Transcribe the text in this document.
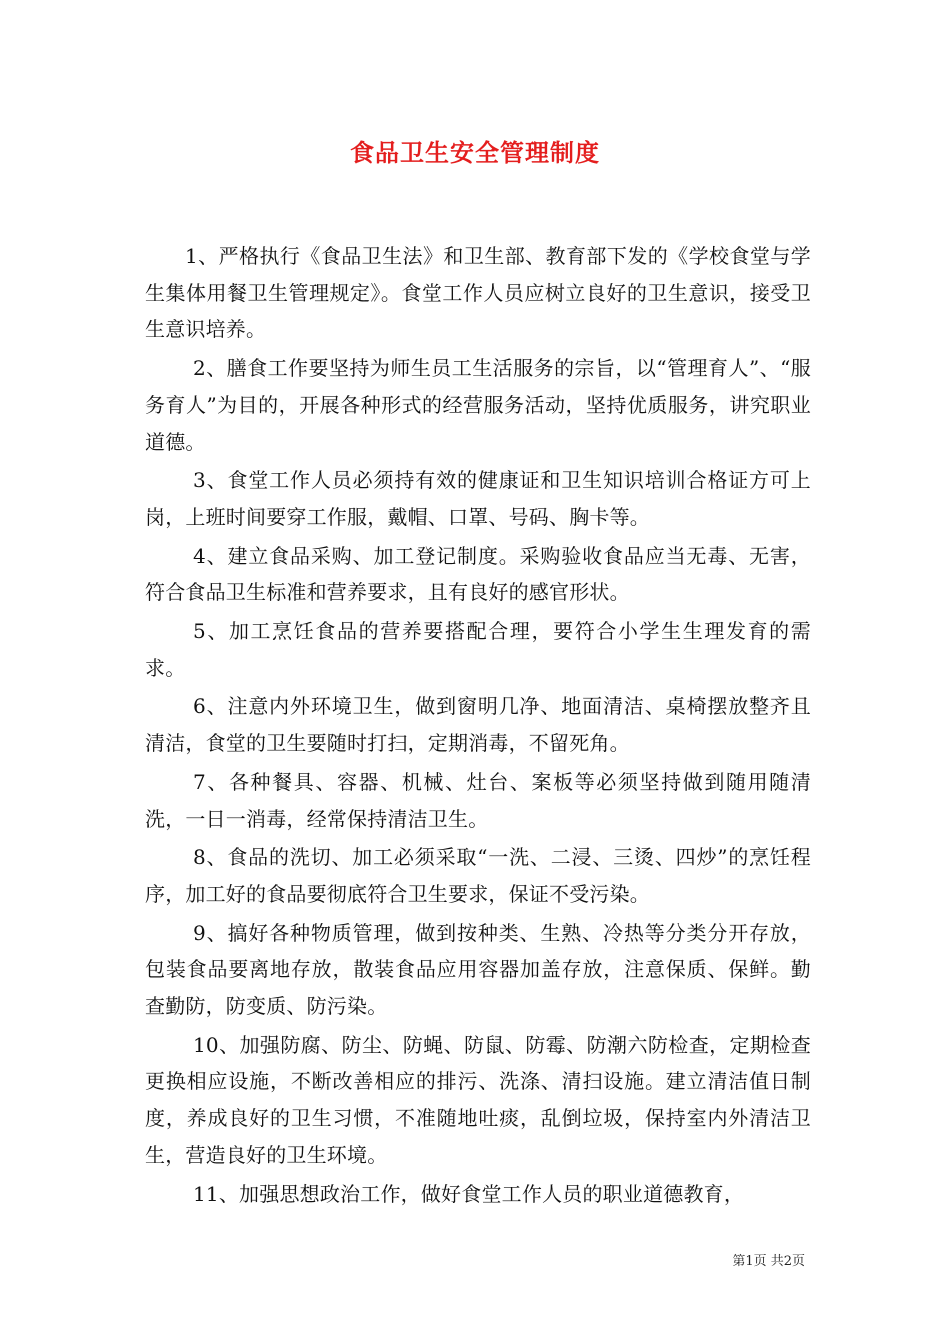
食品卫生安全管理制度

1、严格执行《食品卫生法》和卫生部、教育部下发的《学校食堂与学生集体用餐卫生管理规定》。食堂工作人员应树立良好的卫生意识，接受卫生意识培养。

2、膳食工作要坚持为师生员工生活服务的宗旨，以“管理育人”、“服务育人”为目的，开展各种形式的经营服务活动，坚持优质服务，讲究职业道德。

3、食堂工作人员必须持有效的健康证和卫生知识培训合格证方可上岗，上班时间要穿工作服，戴帽、口罩、号码、胸卡等。

4、建立食品采购、加工登记制度。采购验收食品应当无毒、无害，符合食品卫生标准和营养要求，且有良好的感官形状。

5、加工烹饪食品的营养要搭配合理，要符合小学生生理发育的需求。

6、注意内外环境卫生，做到窗明几净、地面清洁、桌椅摆放整齐且清洁，食堂的卫生要随时打扫，定期消毒，不留死角。

7、各种餐具、容器、机械、灶台、案板等必须坚持做到随用随清洗，一日一消毒，经常保持清洁卫生。

8、食品的洗切、加工必须采取“一洗、二浸、三烫、四炒”的烹饪程序，加工好的食品要彻底符合卫生要求，保证不受污染。

9、搞好各种物质管理，做到按种类、生熟、冷热等分类分开存放，包装食品要离地存放，散装食品应用容器加盖存放，注意保质、保鲜。勤查勤防，防变质、防污染。

10、加强防腐、防尘、防蝇、防鼠、防霉、防潮六防检查，定期检查更换相应设施，不断改善相应的排污、洗涤、清扫设施。建立清洁值日制度，养成良好的卫生习惯，不准随地吐痰，乱倒垃圾，保持室内外清洁卫生，营造良好的卫生环境。

11、加强思想政治工作，做好食堂工作人员的职业道德教育，

第1页 共2页
